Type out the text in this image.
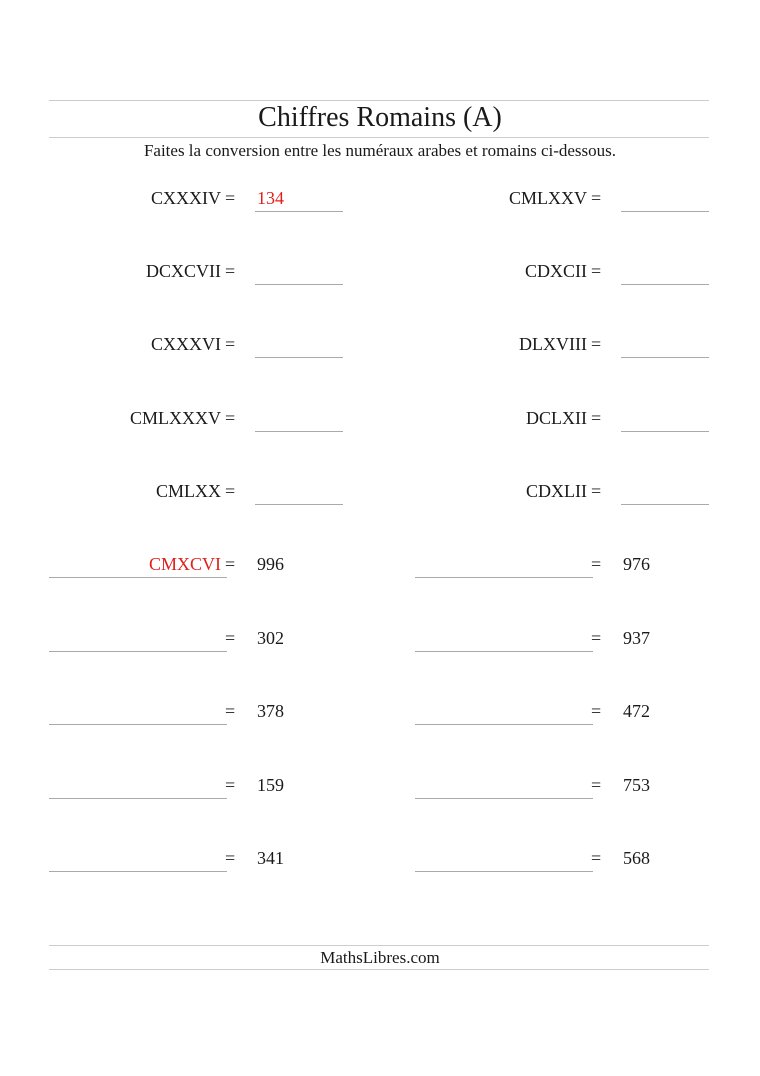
Chiffres Romains (A)
Faites la conversion entre les numéraux arabes et romains ci-dessous.
CXXXIV = 134	CMLXXV =
DCXCVII =	CDXCII =
CXXXVI =	DLXVIII =
CMLXXXV =	DCLXII =
CMLXX =	CDXLII =
CMXCVI = 996	= 976
= 302	= 937
= 378	= 472
= 159	= 753
= 341	= 568
MathsLibres.com
